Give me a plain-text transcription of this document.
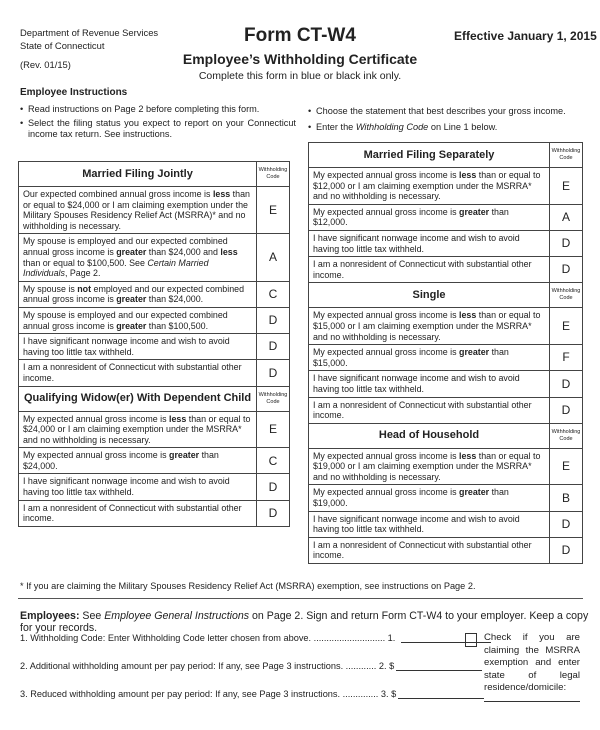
Department of Revenue Services
State of Connecticut
(Rev. 01/15)
Form CT-W4
Employee’s Withholding Certificate
Complete this form in blue or black ink only.
Effective January 1, 2015
Employee Instructions
• Read instructions on Page 2 before completing this form.
• Select the filing status you expect to report on your Connecticut income tax return. See instructions.
• Choose the statement that best describes your gross income.
• Enter the Withholding Code on Line 1 below.
Married Filing Jointly	Withholding Code
Our expected combined annual gross income is less than or equal to $24,000 or I am claiming exemption under the Military Spouses Residency Relief Act (MSRRA)* and no withholding is necessary.	E
My spouse is employed and our expected combined annual gross income is greater than $24,000 and less than or equal to $100,500. See Certain Married Individuals, Page 2.	A
My spouse is not employed and our expected combined annual gross income is greater than $24,000.	C
My spouse is employed and our expected combined annual gross income is greater than $100,500.	D
I have significant nonwage income and wish to avoid having too little tax withheld.	D
I am a nonresident of Connecticut with substantial other income.	D
Qualifying Widow(er) With Dependent Child	Withholding Code
My expected annual gross income is less than or equal to $24,000 or I am claiming exemption under the MSRRA* and no withholding is necessary.	E
My expected annual gross income is greater than $24,000.	C
I have significant nonwage income and wish to avoid having too little tax withheld.	D
I am a nonresident of Connecticut with substantial other income.	D
Married Filing Separately	Withholding Code
My expected annual gross income is less than or equal to $12,000 or I am claiming exemption under the MSRRA* and no withholding is necessary.	E
My expected annual gross income is greater than $12,000.	A
I have significant nonwage income and wish to avoid having too little tax withheld.	D
I am a nonresident of Connecticut with substantial other income.	D
Single	Withholding Code
My expected annual gross income is less than or equal to $15,000 or I am claiming exemption under the MSRRA* and no withholding is necessary.	E
My expected annual gross income is greater than $15,000.	F
I have significant nonwage income and wish to avoid having too little tax withheld.	D
I am a nonresident of Connecticut with substantial other income.	D
Head of Household	Withholding Code
My expected annual gross income is less than or equal to $19,000 or I am claiming exemption under the MSRRA* and no withholding is necessary.	E
My expected annual gross income is greater than $19,000.	B
I have significant nonwage income and wish to avoid having too little tax withheld.	D
I am a nonresident of Connecticut with substantial other income.	D
* If you are claiming the Military Spouses Residency Relief Act (MSRRA) exemption, see instructions on Page 2.
Employees: See Employee General Instructions on Page 2. Sign and return Form CT-W4 to your employer. Keep a copy for your records.
1. Withholding Code: Enter Withholding Code letter chosen from above. ............................ 1.
2. Additional withholding amount per pay period: If any, see Page 3 instructions. ............ 2. $
3. Reduced withholding amount per pay period: If any, see Page 3 instructions. .............. 3. $
Check if you are claiming the MSRRA exemption and enter state of legal residence/domicile:
